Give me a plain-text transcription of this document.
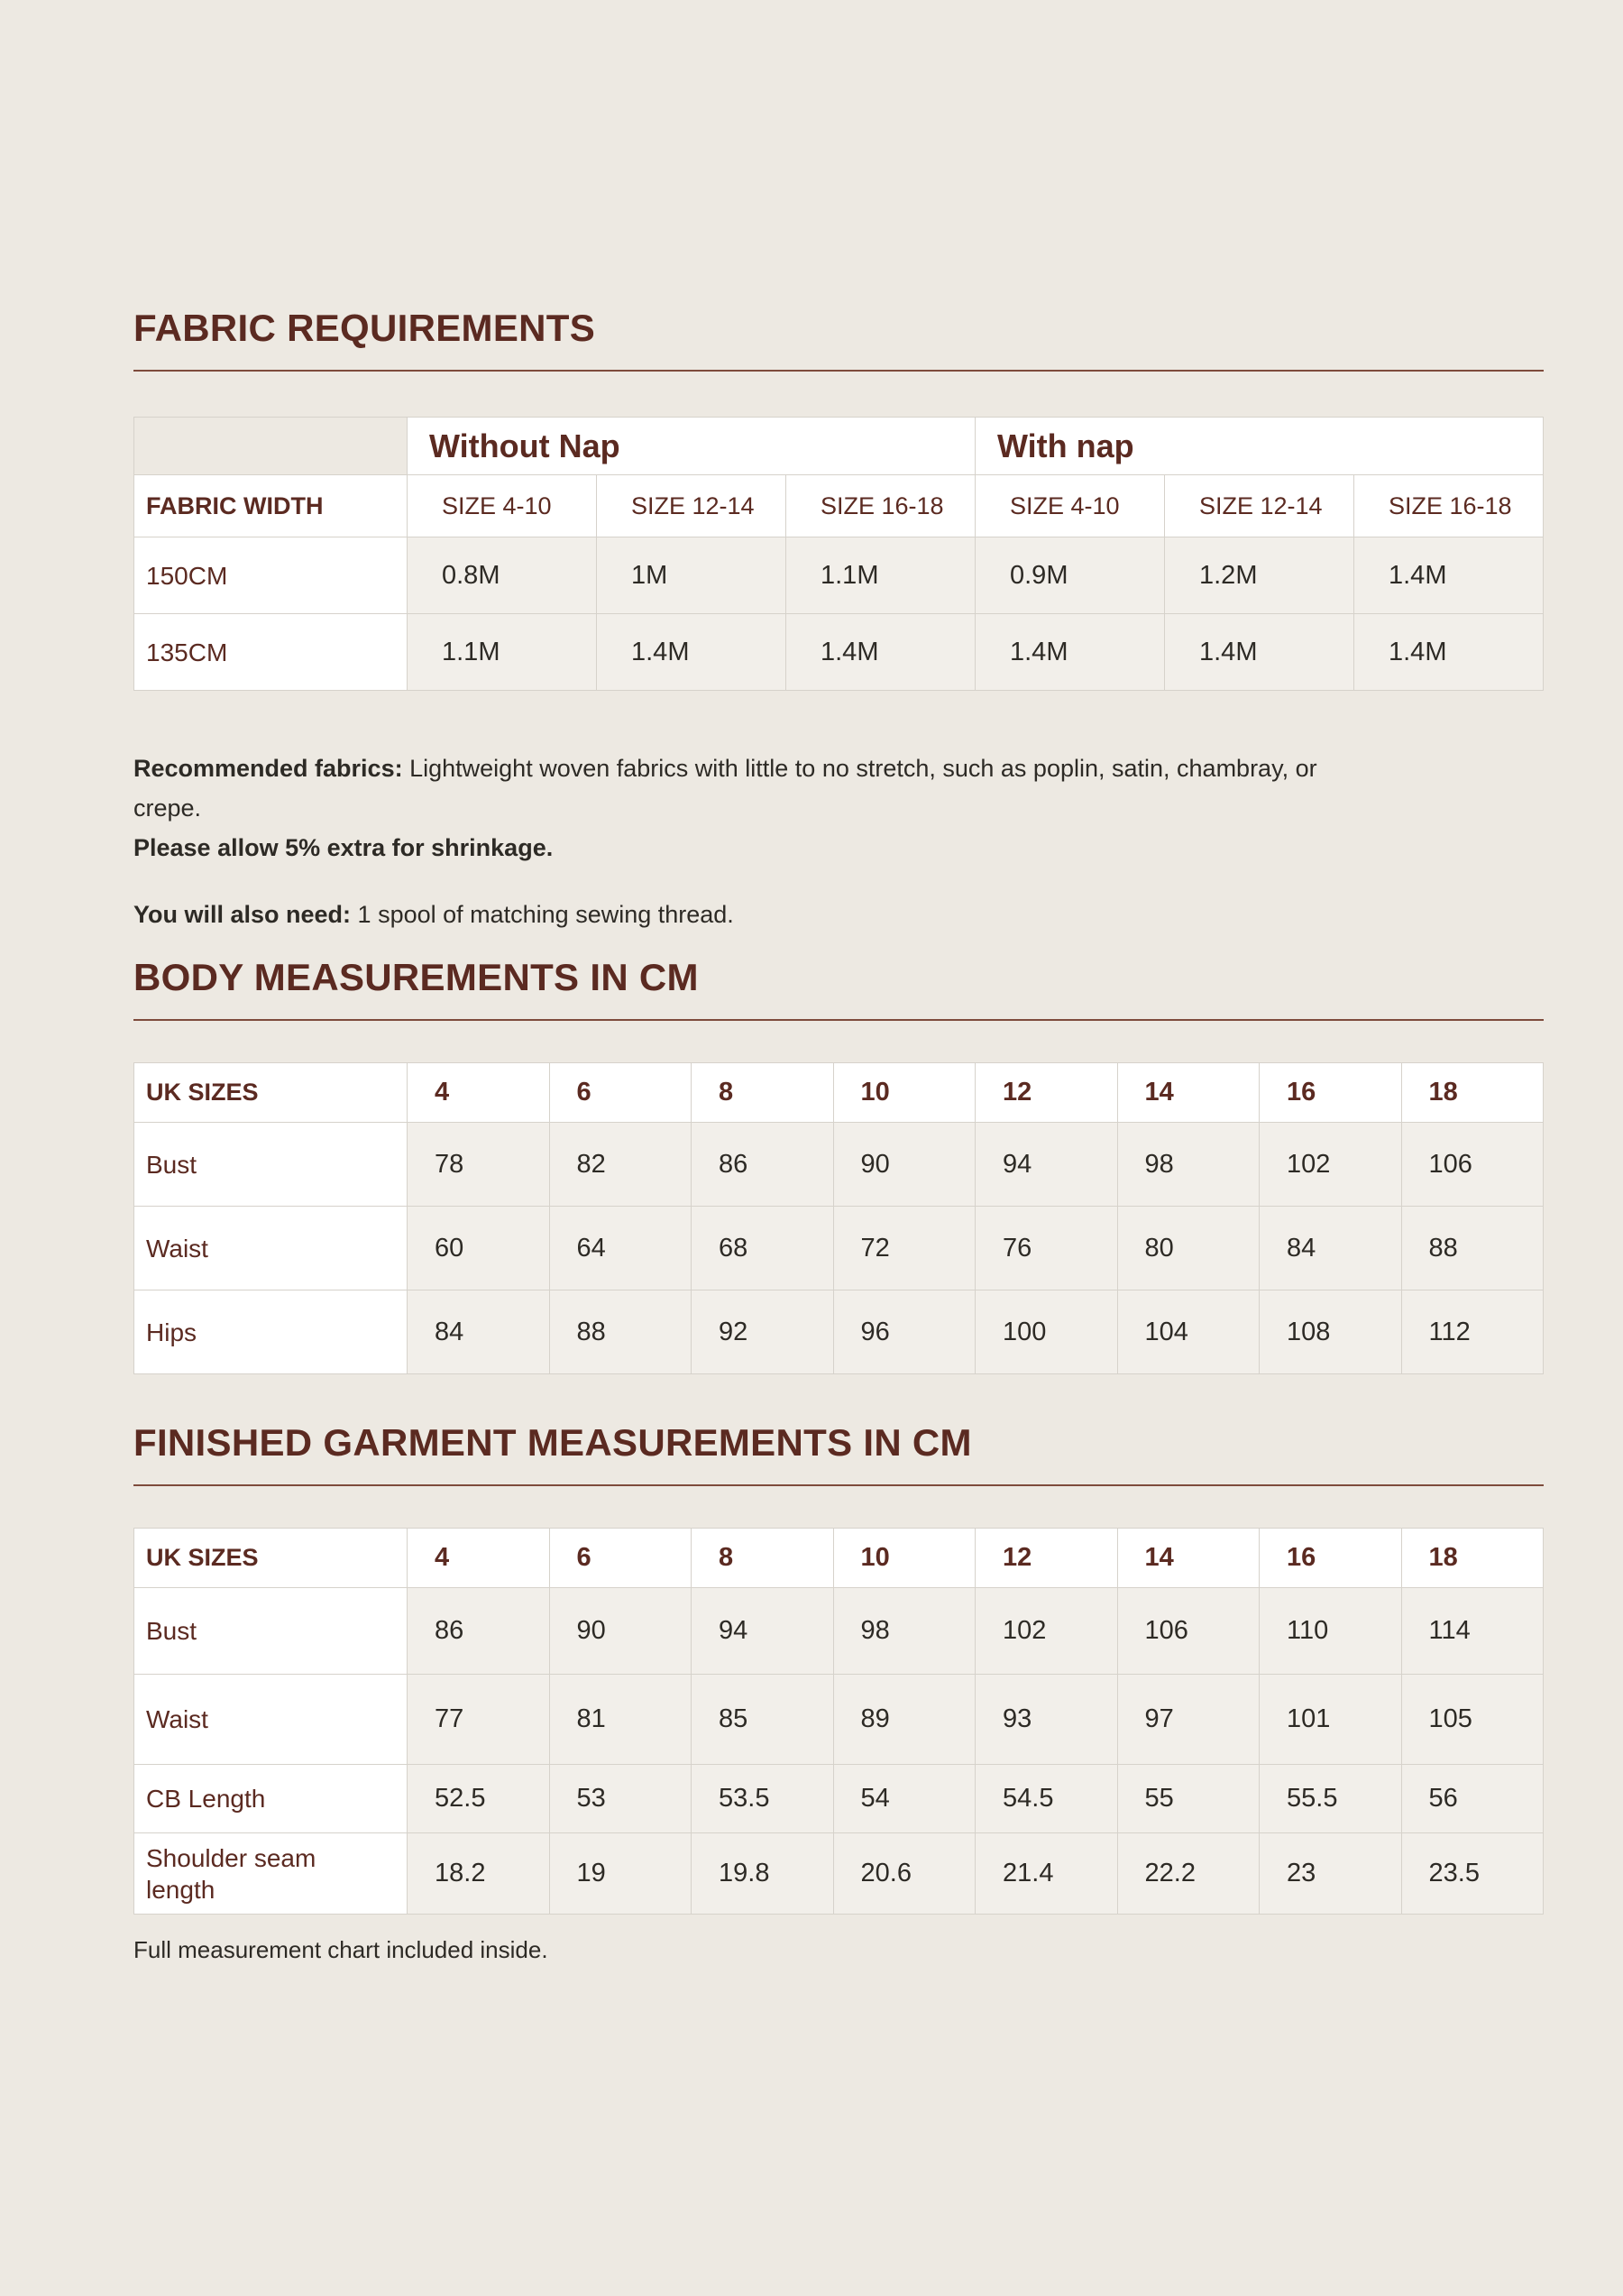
FABRIC REQUIREMENTS
	Without Nap			With nap		
FABRIC WIDTH	SIZE 4-10	SIZE 12-14	SIZE 16-18	SIZE 4-10	SIZE 12-14	SIZE 16-18
150CM	0.8M	1M	1.1M	0.9M	1.2M	1.4M
135CM	1.1M	1.4M	1.4M	1.4M	1.4M	1.4M

Recommended fabrics: Lightweight woven fabrics with little to no stretch, such as poplin, satin, chambray, or
crepe.
Please allow 5% extra for shrinkage.

You will also need: 1 spool of matching sewing thread.

BODY MEASUREMENTS IN CM
UK SIZES	4	6	8	10	12	14	16	18
Bust	78	82	86	90	94	98	102	106
Waist	60	64	68	72	76	80	84	88
Hips	84	88	92	96	100	104	108	112
FINISHED GARMENT MEASUREMENTS IN CM
UK SIZES	4	6	8	10	12	14	16	18
Bust	86	90	94	98	102	106	110	114
Waist	77	81	85	89	93	97	101	105
CB Length	52.5	53	53.5	54	54.5	55	55.5	56
Shoulder seam length	18.2	19	19.8	20.6	21.4	22.2	23	23.5

Full measurement chart included inside.
